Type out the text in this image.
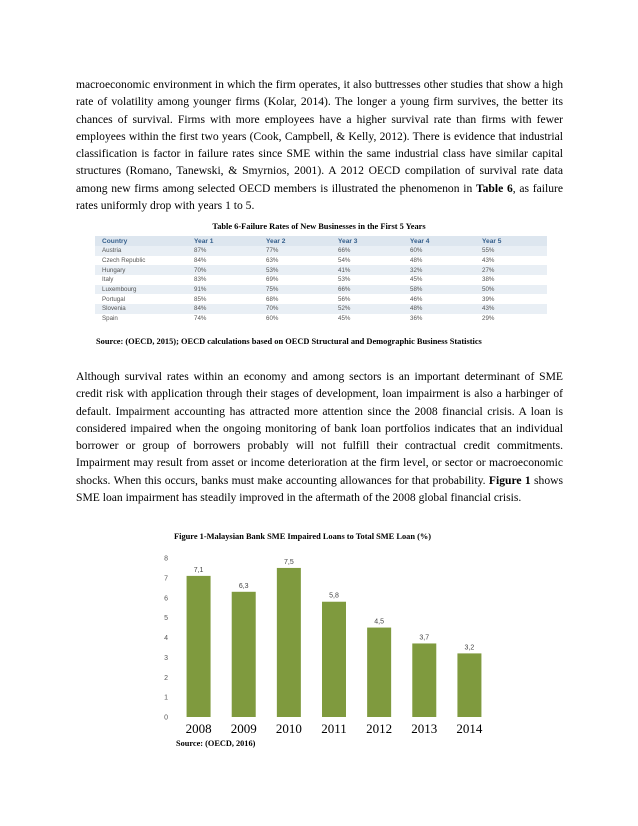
macroeconomic environment in which the firm operates, it also buttresses other studies that show a high rate of volatility among younger firms (Kolar, 2014). The longer a young firm survives, the better its chances of survival. Firms with more employees have a higher survival rate than firms with fewer employees within the first two years (Cook, Campbell, & Kelly, 2012). There is evidence that industrial classification is factor in failure rates since SME within the same industrial class have similar capital structures (Romano, Tanewski, & Smyrnios, 2001). A 2012 OECD compilation of survival rate data among new firms among selected OECD members is illustrated the phenomenon in Table 6, as failure rates uniformly drop with years 1 to 5.
Table 6-Failure Rates of New Businesses in the First 5 Years
Country	Year 1	Year 2	Year 3	Year 4	Year 5
Austria	87%	77%	66%	60%	55%
Czech Republic	84%	63%	54%	48%	43%
Hungary	70%	53%	41%	32%	27%
Italy	83%	69%	53%	45%	38%
Luxembourg	91%	75%	66%	58%	50%
Portugal	85%	68%	56%	46%	39%
Slovenia	84%	70%	52%	48%	43%
Spain	74%	60%	45%	36%	29%
Source: (OECD, 2015); OECD calculations based on OECD Structural and Demographic Business Statistics
Although survival rates within an economy and among sectors is an important determinant of SME credit risk with application through their stages of development, loan impairment is also a harbinger of default. Impairment accounting has attracted more attention since the 2008 financial crisis. A loan is considered impaired when the ongoing monitoring of bank loan portfolios indicates that an individual borrower or group of borrowers probably will not fulfill their contractual credit commitments. Impairment may result from asset or income deterioration at the firm level, or sector or macroeconomic shocks. When this occurs, banks must make accounting allowances for that probability. Figure 1 shows SME loan impairment has steadily improved in the aftermath of the 2008 global financial crisis.
Figure 1-Malaysian Bank SME Impaired Loans to Total SME Loan (%)
0
1
2
3
4
5
6
7
8
7,1
6,3
7,5
5,8
4,5
3,7
3,2
2008	2009	2010	2011	2012	2013	2014
Source: (OECD, 2016)
